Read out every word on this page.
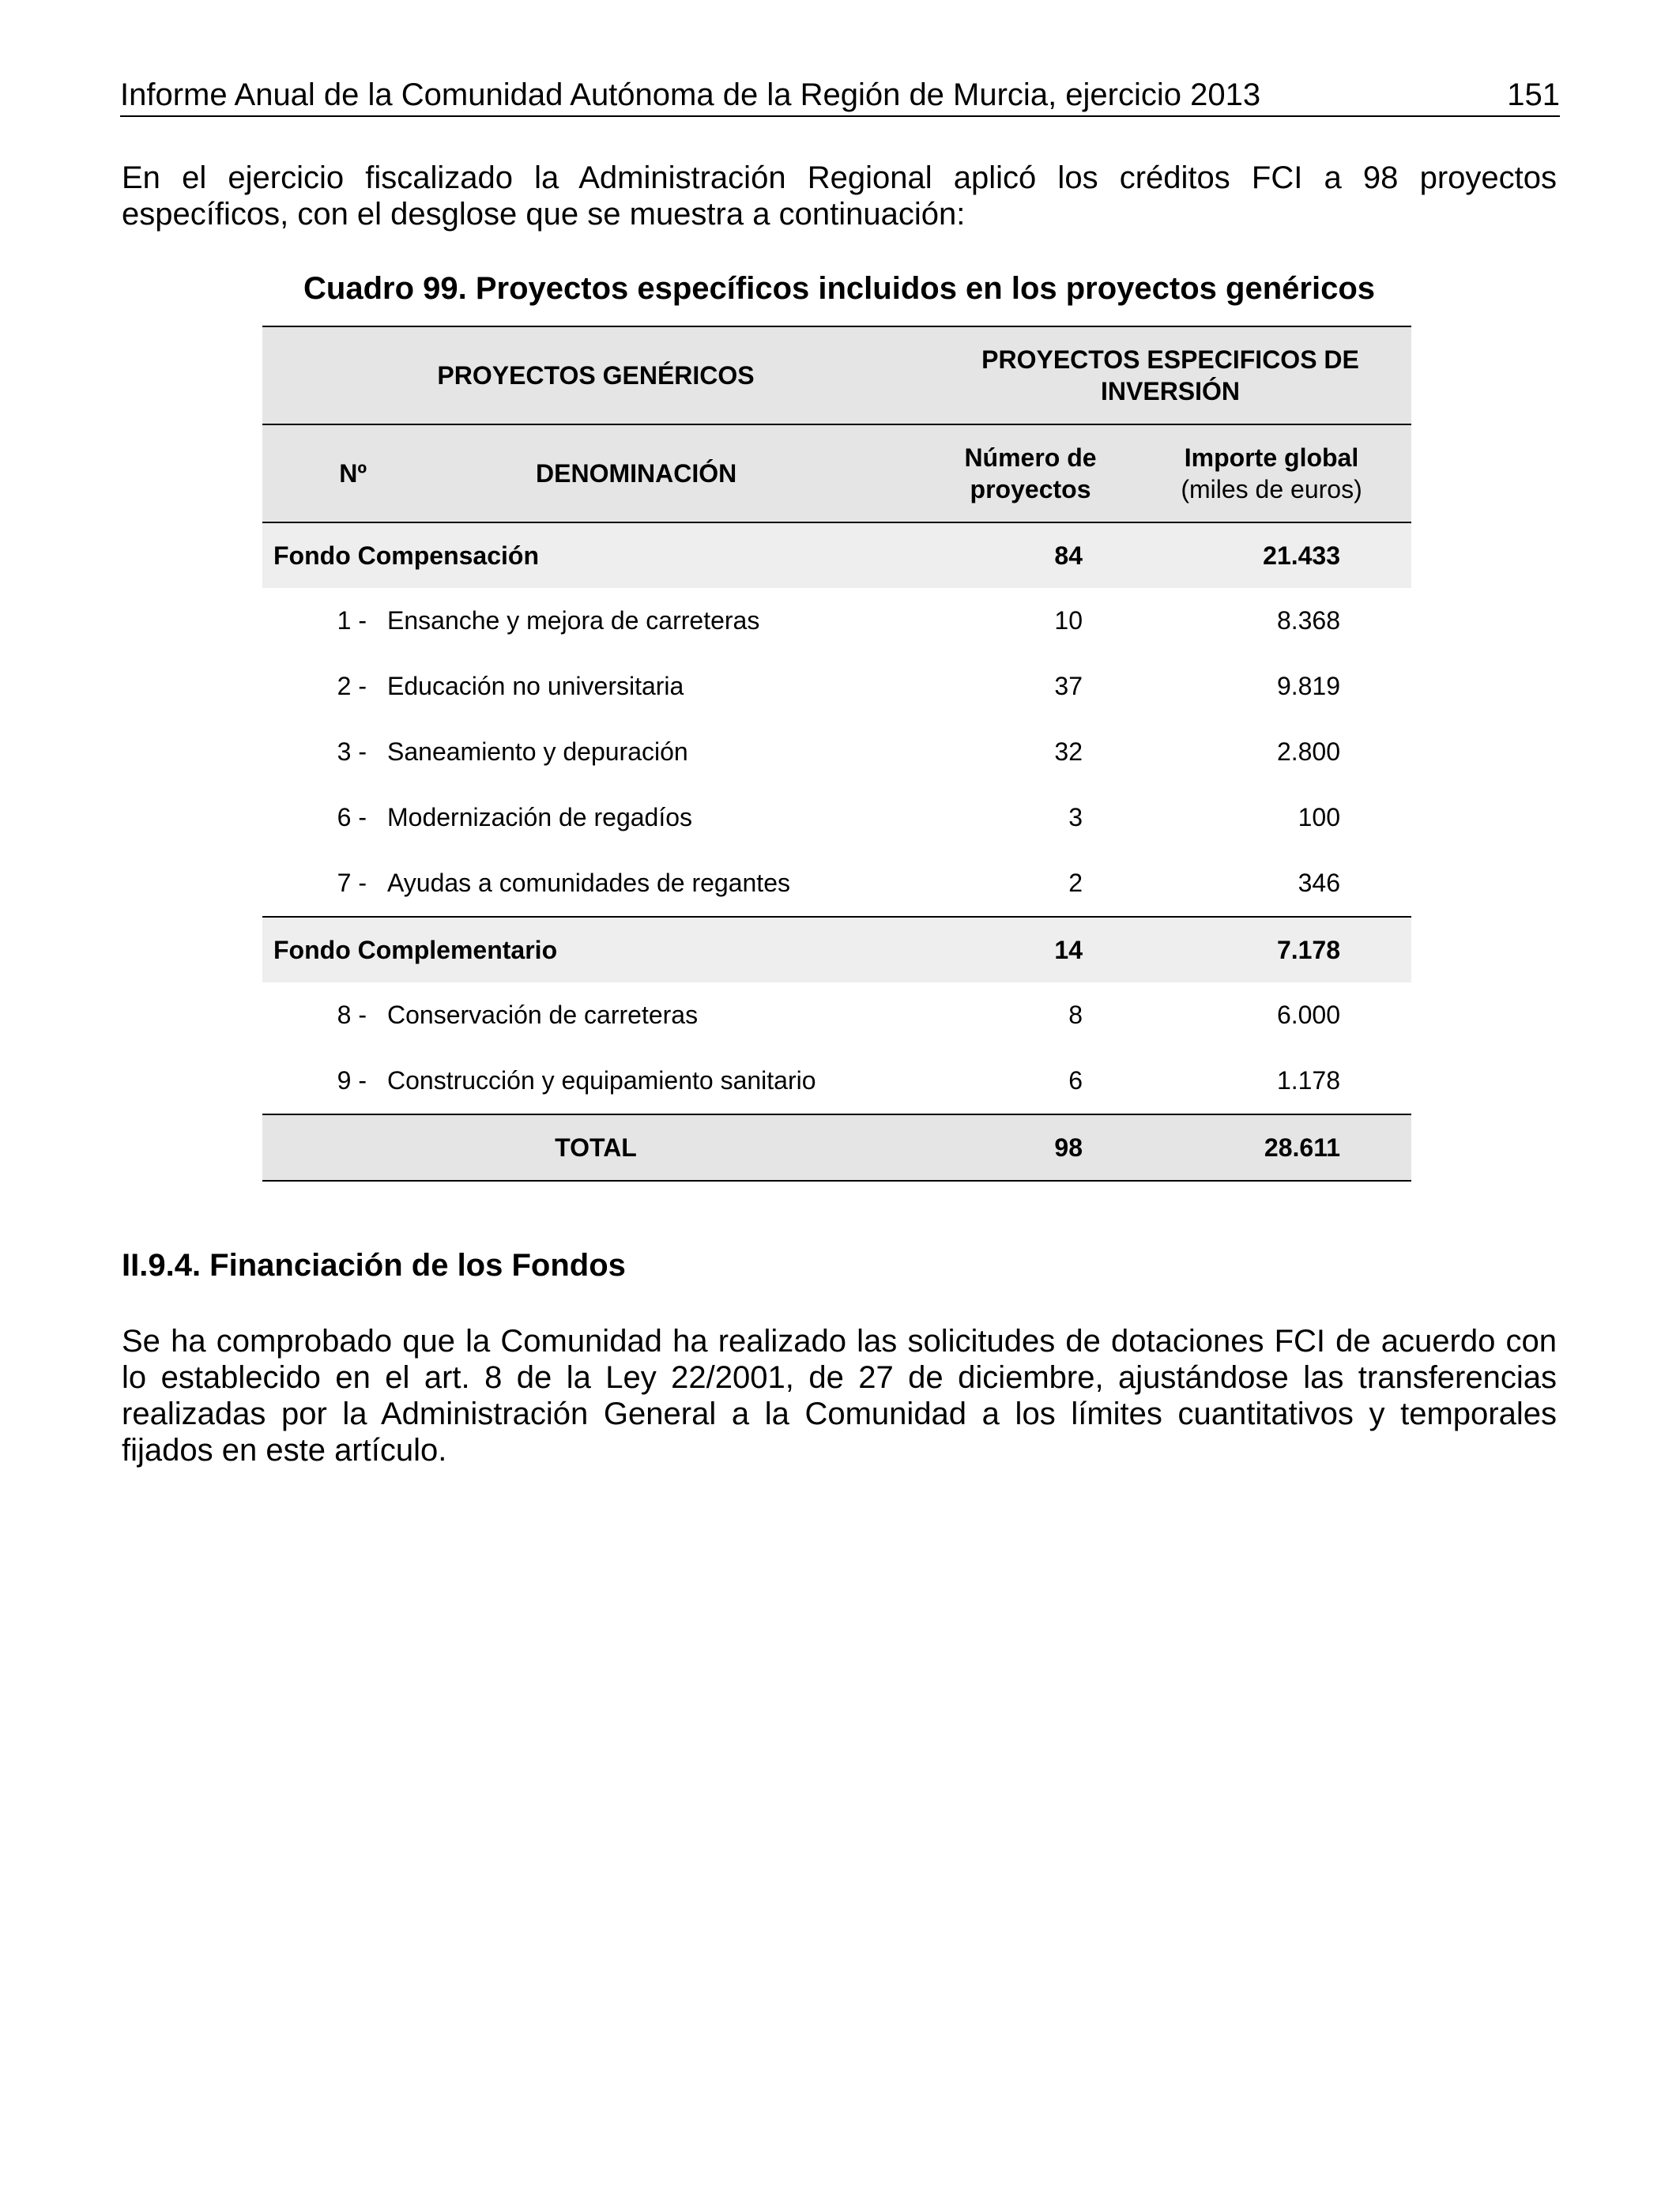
Informe Anual de la Comunidad Autónoma de la Región de Murcia, ejercicio 2013	151
En el ejercicio fiscalizado la Administración Regional aplicó los créditos FCI a 98 proyectos específicos, con el desglose que se muestra a continuación:
Cuadro 99. Proyectos específicos incluidos en los proyectos genéricos
PROYECTOS GENÉRICOS		PROYECTOS ESPECIFICOS DE INVERSIÓN	
Nº	DENOMINACIÓN	Número de proyectos	Importe global
(miles de euros)

Fondo Compensación		84	21.433
1 -	Ensanche y mejora de carreteras	10	8.368
2 -	Educación no universitaria	37	9.819
3 -	Saneamiento y depuración	32	2.800
6 -	Modernización de regadíos	3	100
7 -	Ayudas a comunidades de regantes	2	346
Fondo Complementario		14	7.178
8 -	Conservación de carreteras	8	6.000
9 -	Construcción y equipamiento sanitario	6	1.178
TOTAL		98	28.611
II.9.4. Financiación de los Fondos
Se ha comprobado que la Comunidad ha realizado las solicitudes de dotaciones FCI de acuerdo con lo establecido en el art. 8 de la Ley 22/2001, de 27 de diciembre, ajustándose las transferencias realizadas por la Administración General a la Comunidad a los límites cuantitativos y temporales fijados en este artículo.
